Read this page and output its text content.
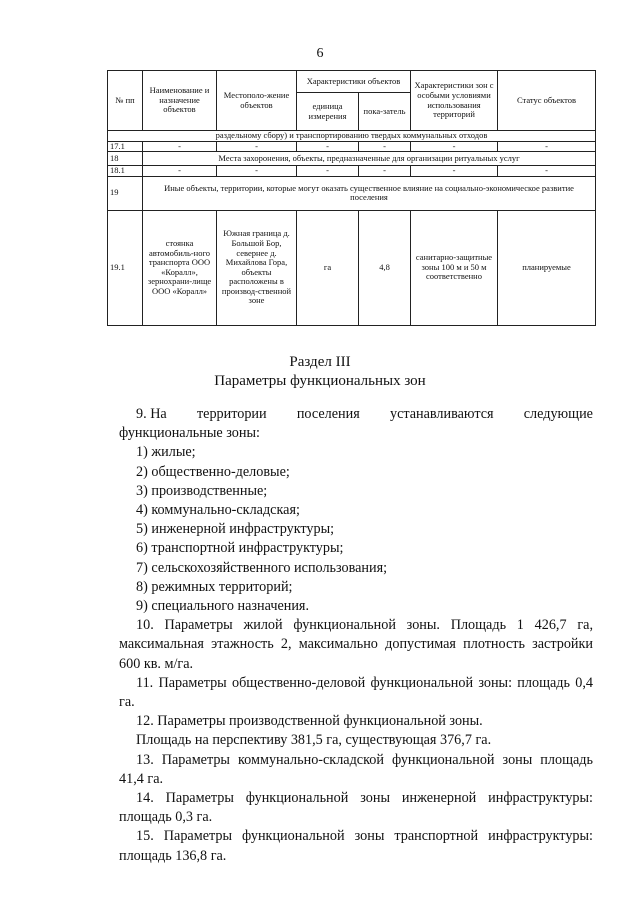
6
№ пп	Наименование и назначение объектов	Местополо-жение объектов	Характеристики объектов		Характеристики зон с особыми условиями использования территорий	Статус объектов
			единица измерения	пока-затель		
раздельному сбору) и транспортированию твердых коммунальных отходов						
17.1	-	-	-	-	-	-
18	Места захоронения, объекты, предназначенные для организации ритуальных услуг					
18.1	-	-	-	-	-	-
19	Иные объекты, территории, которые могут оказать существенное влияние на социально-экономическое развитие поселения					
19.1	стоянка автомобиль-ного транспорта ООО «Коралл», зернохрани-лище ООО «Коралл»	Южная граница д. Большой Бор, севернее д. Михайлова Гора, объекты расположены в производ-ственной зоне	га	4,8	санитарно-защитные зоны 100 м и 50 м соответственно	планируемые
Раздел III
Параметры функциональных зон
9. На территории поселения устанавливаются следующие

функциональные зоны:

1) жилые;
2) общественно-деловые;
3) производственные;
4) коммунально-складская;
5) инженерной инфраструктуры;
6) транспортной инфраструктуры;
7) сельскохозяйственного использования;
8) режимных территорий;
9) специального назначения.

10. Параметры жилой функциональной зоны. Площадь 1 426,7 га, максимальная этажность 2, максимально допустимая плотность застройки 600 кв. м/га.

11. Параметры общественно-деловой функциональной зоны: площадь 0,4 га.

12. Параметры производственной функциональной зоны.

Площадь на перспективу 381,5 га, существующая 376,7 га.

13. Параметры коммунально-складской функциональной зоны площадь 41,4 га.

14. Параметры функциональной зоны инженерной инфраструктуры: площадь 0,3 га.

15. Параметры функциональной зоны транспортной инфраструктуры: площадь 136,8 га.
